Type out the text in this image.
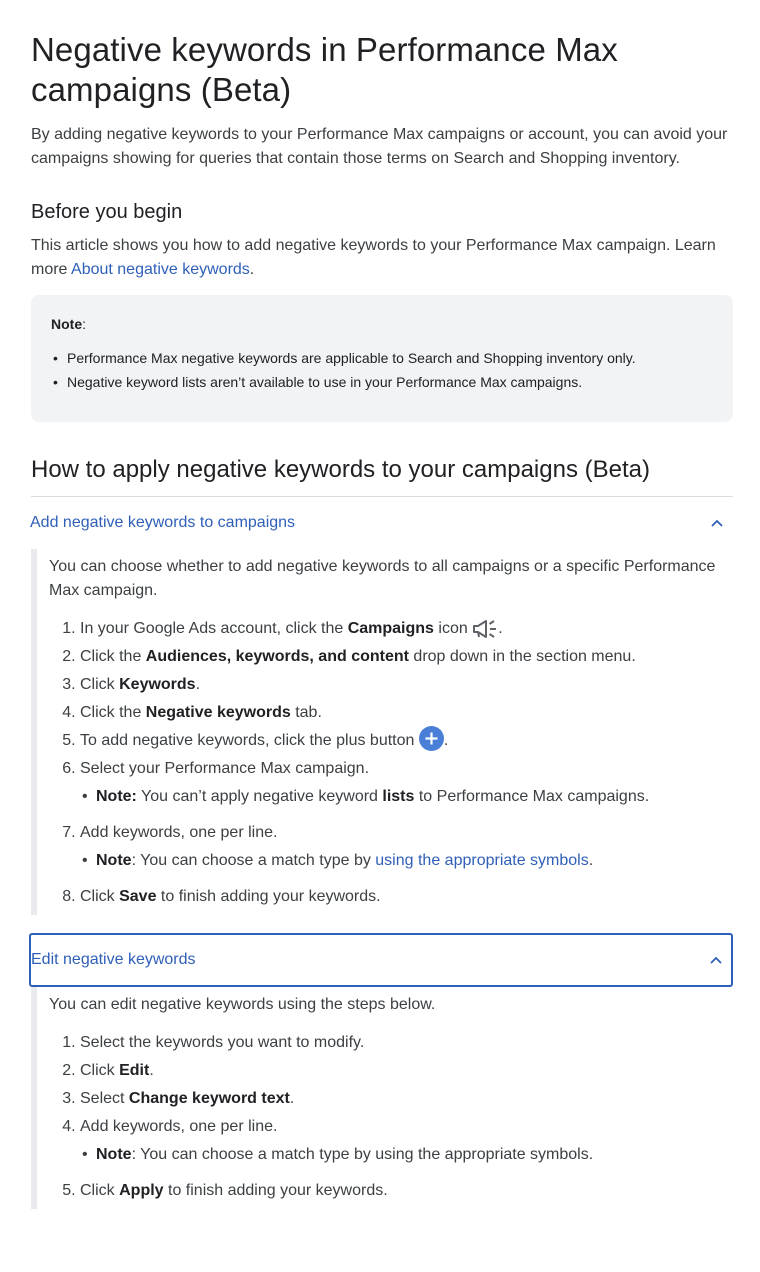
Negative keywords in Performance Max campaigns (Beta)

By adding negative keywords to your Performance Max campaigns or account, you can avoid your campaigns showing for queries that contain those terms on Search and Shopping inventory.

Before you begin

This article shows you how to add negative keywords to your Performance Max campaign. Learn more About negative keywords.

Note:
• Performance Max negative keywords are applicable to Search and Shopping inventory only.
• Negative keyword lists aren’t available to use in your Performance Max campaigns.
How to apply negative keywords to your campaigns (Beta)
Add negative keywords to campaigns

You can choose whether to add negative keywords to all campaigns or a specific Performance Max campaign.

1. In your Google Ads account, click the Campaigns icon .
2. Click the Audiences, keywords, and content drop down in the section menu.
3. Click Keywords.
4. Click the Negative keywords tab.
5. To add negative keywords, click the plus button
.
6. Select your Performance Max campaign.
• Note: You can’t apply negative keyword lists to Performance Max campaigns.
7. Add keywords, one per line.
• Note: You can choose a match type by using the appropriate symbols.
8. Click Save to finish adding your keywords.
Edit negative keywords

You can edit negative keywords using the steps below.

1. Select the keywords you want to modify.
2. Click Edit.
3. Select Change keyword text.
4. Add keywords, one per line.
• Note: You can choose a match type by using the appropriate symbols.
5. Click Apply to finish adding your keywords.
